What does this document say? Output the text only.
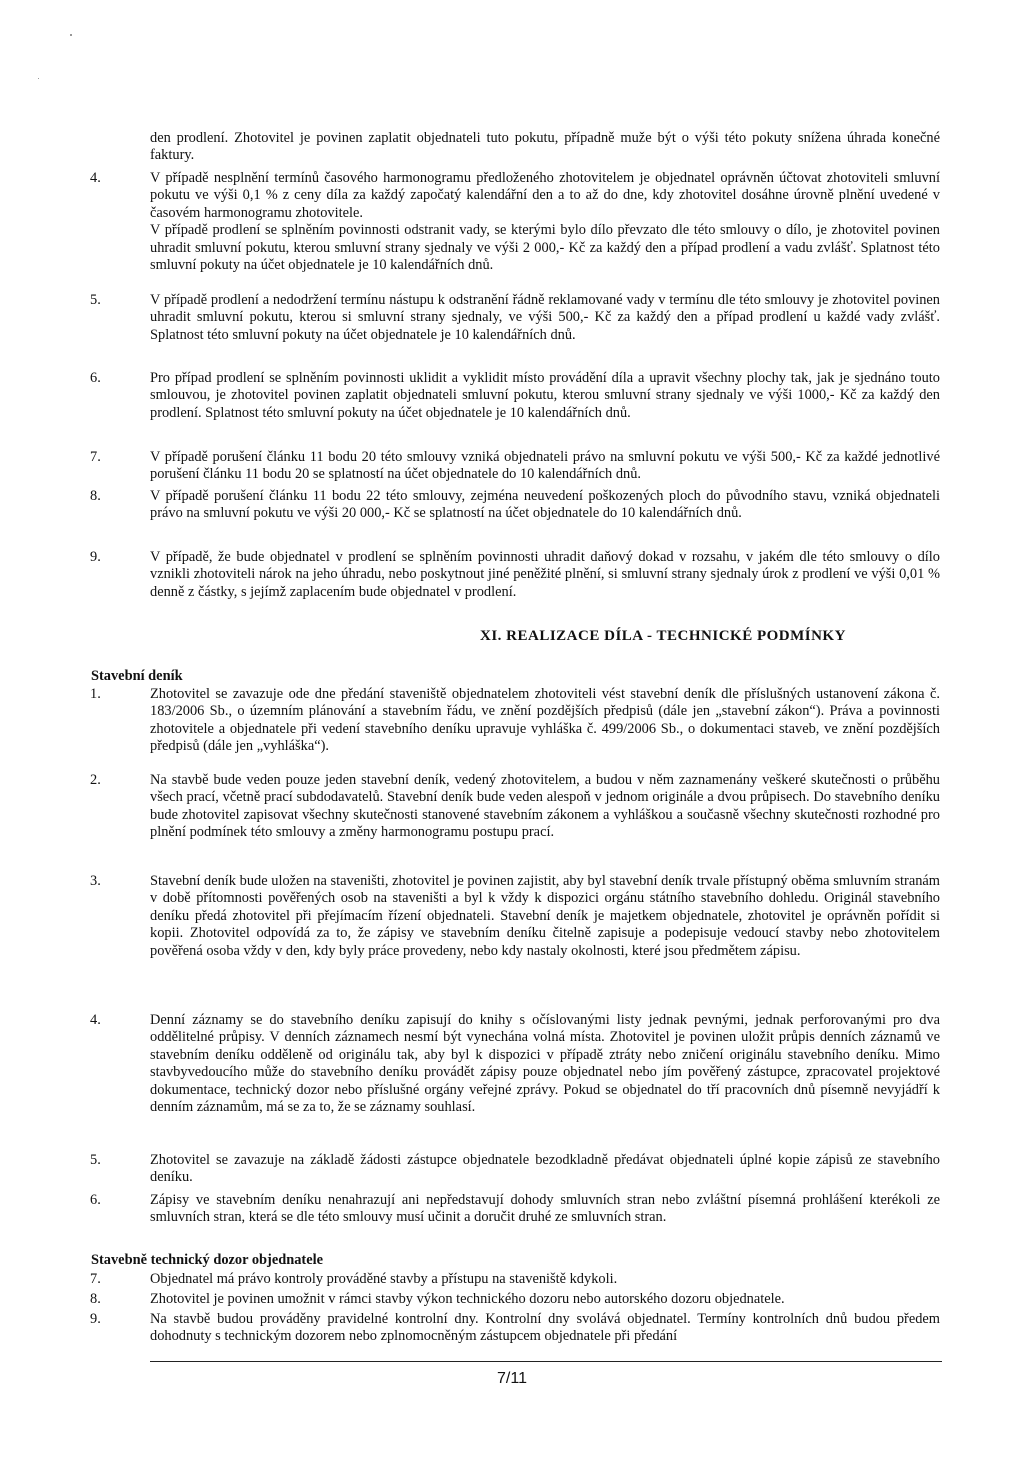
den prodlení. Zhotovitel je povinen zaplatit objednateli tuto pokutu, případně muže být o výši této pokuty snížena úhrada konečné faktury.

4.	V případě nesplnění termínů časového harmonogramu předloženého zhotovitelem je objednatel oprávněn účtovat zhotoviteli smluvní pokutu ve výši 0,1 % z ceny díla za každý započatý kalendářní den a to až do dne, kdy zhotovitel dosáhne úrovně plnění uvedené v časovém harmonogramu zhotovitele.

V případě prodlení se splněním povinnosti odstranit vady, se kterými bylo dílo převzato dle této smlouvy o dílo, je zhotovitel povinen uhradit smluvní pokutu, kterou smluvní strany sjednaly ve výši 2 000,- Kč za každý den a případ prodlení a vadu zvlášť. Splatnost této smluvní pokuty na účet objednatele je 10 kalendářních dnů.

5.	V případě prodlení a nedodržení termínu nástupu k odstranění řádně reklamované vady v termínu dle této smlouvy je zhotovitel povinen uhradit smluvní pokutu, kterou si smluvní strany sjednaly, ve výši 500,- Kč za každý den a případ prodlení u každé vady zvlášť. Splatnost této smluvní pokuty na účet objednatele je 10 kalendářních dnů.

6.	Pro případ prodlení se splněním povinnosti uklidit a vyklidit místo provádění díla a upravit všechny plochy tak, jak je sjednáno touto smlouvou, je zhotovitel povinen zaplatit objednateli smluvní pokutu, kterou smluvní strany sjednaly ve výši 1000,- Kč za každý den prodlení. Splatnost této smluvní pokuty na účet objednatele je 10 kalendářních dnů.

7.	V případě porušení článku 11 bodu 20 této smlouvy vzniká objednateli právo na smluvní pokutu ve výši 500,- Kč za každé jednotlivé porušení článku 11 bodu 20 se splatností na účet objednatele do 10 kalendářních dnů.

8.	V případě porušení článku 11 bodu 22 této smlouvy, zejména neuvedení poškozených ploch do původního stavu, vzniká objednateli právo na smluvní pokutu ve výši 20 000,- Kč se splatností na účet objednatele do 10 kalendářních dnů.

9.	V případě, že bude objednatel v prodlení se splněním povinnosti uhradit daňový dokad v rozsahu, v jakém dle této smlouvy o dílo vznikli zhotoviteli nárok na jeho úhradu, nebo poskytnout jiné peněžité plnění, si smluvní strany sjednaly úrok z prodlení ve výši 0,01 % denně z částky, s jejímž zaplacením bude objednatel v prodlení.

XI. REALIZACE DÍLA - TECHNICKÉ PODMÍNKY
Stavební deník
1.	Zhotovitel se zavazuje ode dne předání staveniště objednatelem zhotoviteli vést stavební deník dle příslušných ustanovení zákona č. 183/2006 Sb., o územním plánování a stavebním řádu, ve znění pozdějších předpisů (dále jen „stavební zákon“). Práva a povinnosti zhotovitele a objednatele při vedení stavebního deníku upravuje vyhláška č. 499/2006 Sb., o dokumentaci staveb, ve znění pozdějších předpisů (dále jen „vyhláška“).

2.	Na stavbě bude veden pouze jeden stavební deník, vedený zhotovitelem, a budou v něm zaznamenány veškeré skutečnosti o průběhu všech prací, včetně prací subdodavatelů. Stavební deník bude veden alespoň v jednom originále a dvou průpisech. Do stavebního deníku bude zhotovitel zapisovat všechny skutečnosti stanovené stavebním zákonem a vyhláškou a současně všechny skutečnosti rozhodné pro plnění podmínek této smlouvy a změny harmonogramu postupu prací.

3.	Stavební deník bude uložen na staveništi, zhotovitel je povinen zajistit, aby byl stavební deník trvale přístupný oběma smluvním stranám v době přítomnosti pověřených osob na staveništi a byl k vždy k dispozici orgánu státního stavebního dohledu. Originál stavebního deníku předá zhotovitel při přejímacím řízení objednateli. Stavební deník je majetkem objednatele, zhotovitel je oprávněn pořídit si kopii. Zhotovitel odpovídá za to, že zápisy ve stavebním deníku čitelně zapisuje a podepisuje vedoucí stavby nebo zhotovitelem pověřená osoba vždy v den, kdy byly práce provedeny, nebo kdy nastaly okolnosti, které jsou předmětem zápisu.

4.	Denní záznamy se do stavebního deníku zapisují do knihy s očíslovanými listy jednak pevnými, jednak perforovanými pro dva oddělitelné průpisy. V denních záznamech nesmí být vynechána volná místa. Zhotovitel je povinen uložit průpis denních záznamů ve stavebním deníku odděleně od originálu tak, aby byl k dispozici v případě ztráty nebo zničení originálu stavebního deníku. Mimo stavbyvedoucího může do stavebního deníku provádět zápisy pouze objednatel nebo jím pověřený zástupce, zpracovatel projektové dokumentace, technický dozor nebo příslušné orgány veřejné zprávy. Pokud se objednatel do tří pracovních dnů písemně nevyjádří k denním záznamům, má se za to, že se záznamy souhlasí.

5.	Zhotovitel se zavazuje na základě žádosti zástupce objednatele bezodkladně předávat objednateli úplné kopie zápisů ze stavebního deníku.

6.	Zápisy ve stavebním deníku nenahrazují ani nepředstavují dohody smluvních stran nebo zvláštní písemná prohlášení kterékoli ze smluvních stran, která se dle této smlouvy musí učinit a doručit druhé ze smluvních stran.

Stavebně technický dozor objednatele
7.	Objednatel má právo kontroly prováděné stavby a přístupu na staveniště kdykoli.

8.	Zhotovitel je povinen umožnit v rámci stavby výkon technického dozoru nebo autorského dozoru objednatele.

9.	Na stavbě budou prováděny pravidelné kontrolní dny. Kontrolní dny svolává objednatel. Termíny kontrolních dnů budou předem dohodnuty s technickým dozorem nebo zplnomocněným zástupcem objednatele při předání

7/11
